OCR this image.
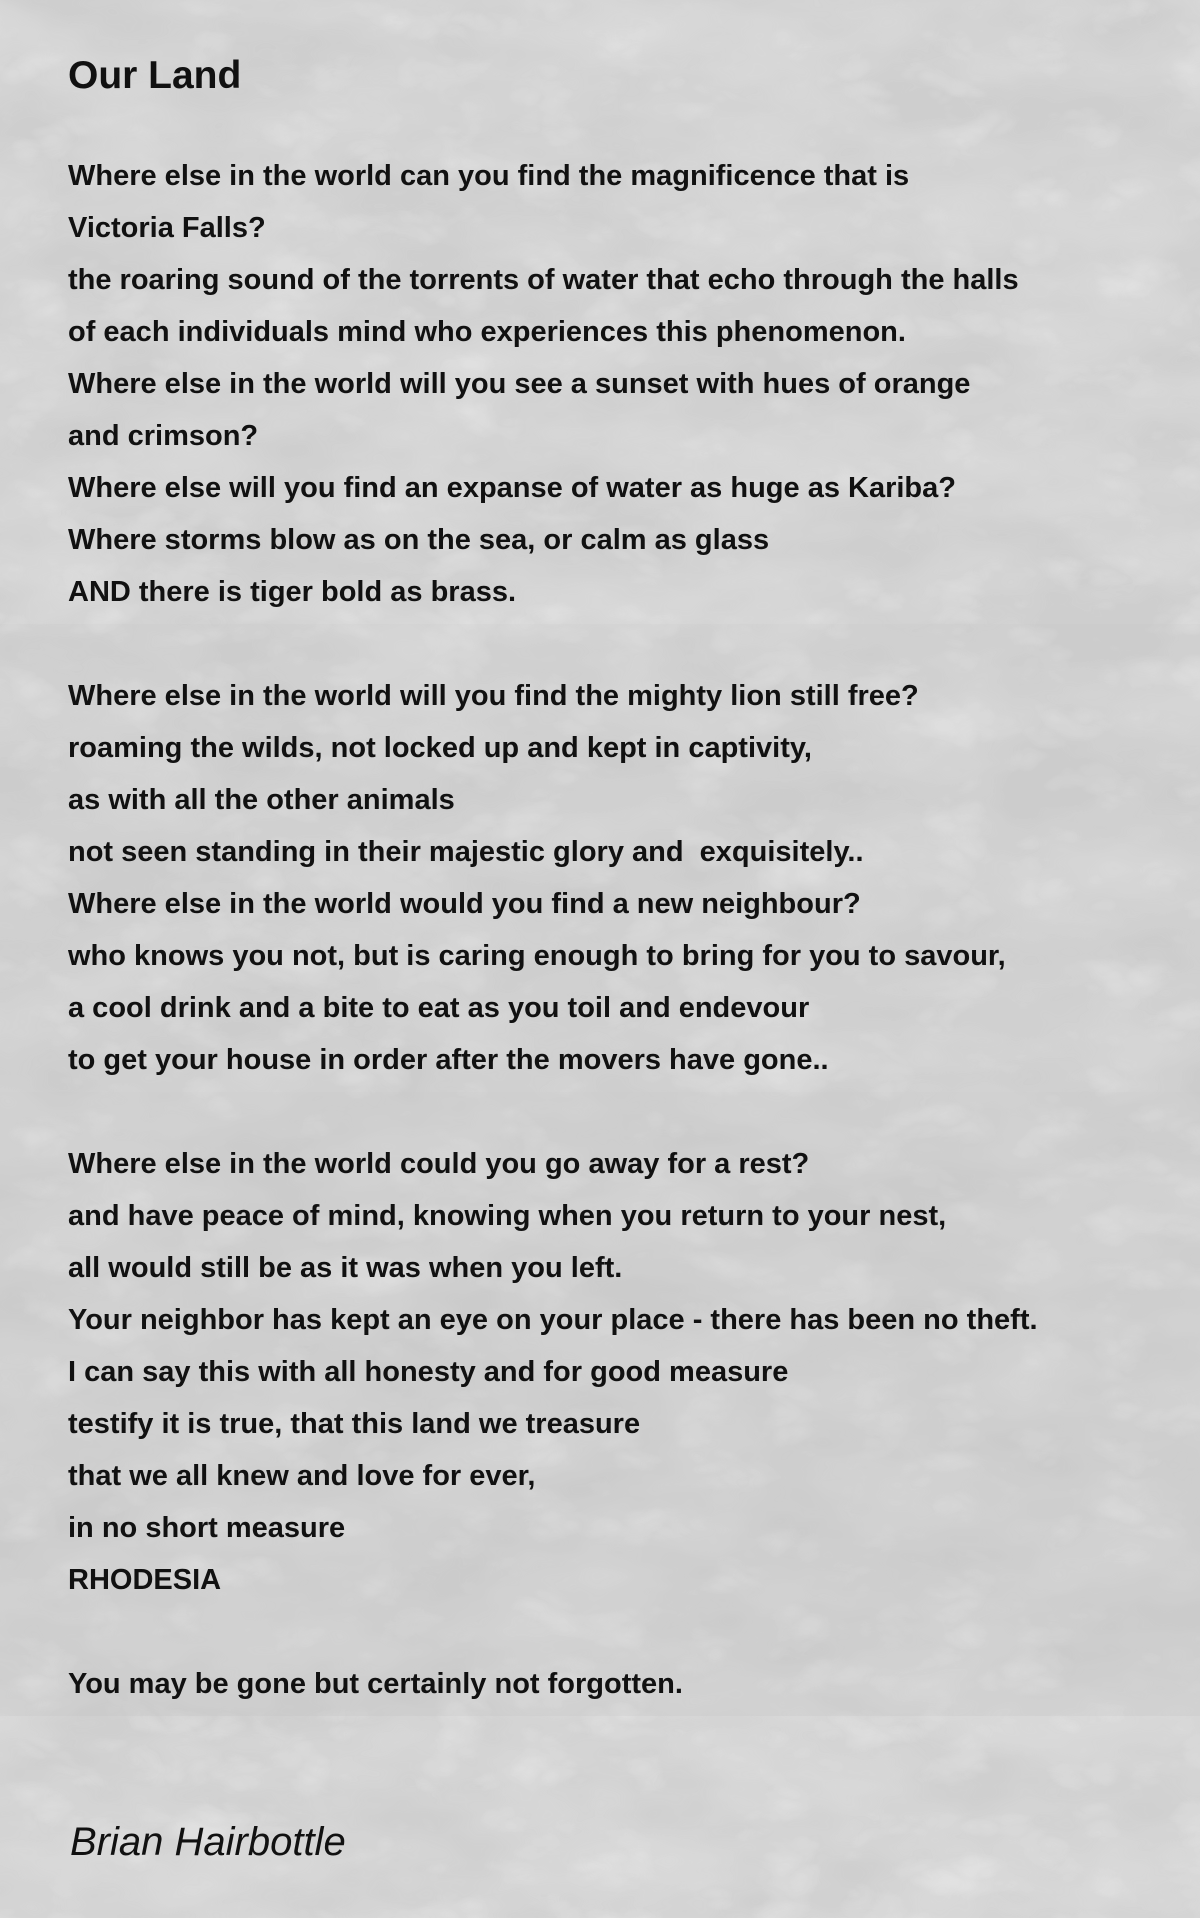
Our Land
Where else in the world can you find the magnificence that is
Victoria Falls?
the roaring sound of the torrents of water that echo through the halls
of each individuals mind who experiences this phenomenon.
Where else in the world will you see a sunset with hues of orange
and crimson?
Where else will you find an expanse of water as huge as Kariba?
Where storms blow as on the sea, or calm as glass
AND there is tiger bold as brass.
Where else in the world will you find the mighty lion still free?
roaming the wilds, not locked up and kept in captivity,
as with all the other animals
not seen standing in their majestic glory and  exquisitely..
Where else in the world would you find a new neighbour?
who knows you not, but is caring enough to bring for you to savour,
a cool drink and a bite to eat as you toil and endevour
to get your house in order after the movers have gone..
Where else in the world could you go away for a rest?
and have peace of mind, knowing when you return to your nest,
all would still be as it was when you left.
Your neighbor has kept an eye on your place - there has been no theft.
I can say this with all honesty and for good measure
testify it is true, that this land we treasure
that we all knew and love for ever,
in no short measure
RHODESIA
You may be gone but certainly not forgotten.
Brian Hairbottle
